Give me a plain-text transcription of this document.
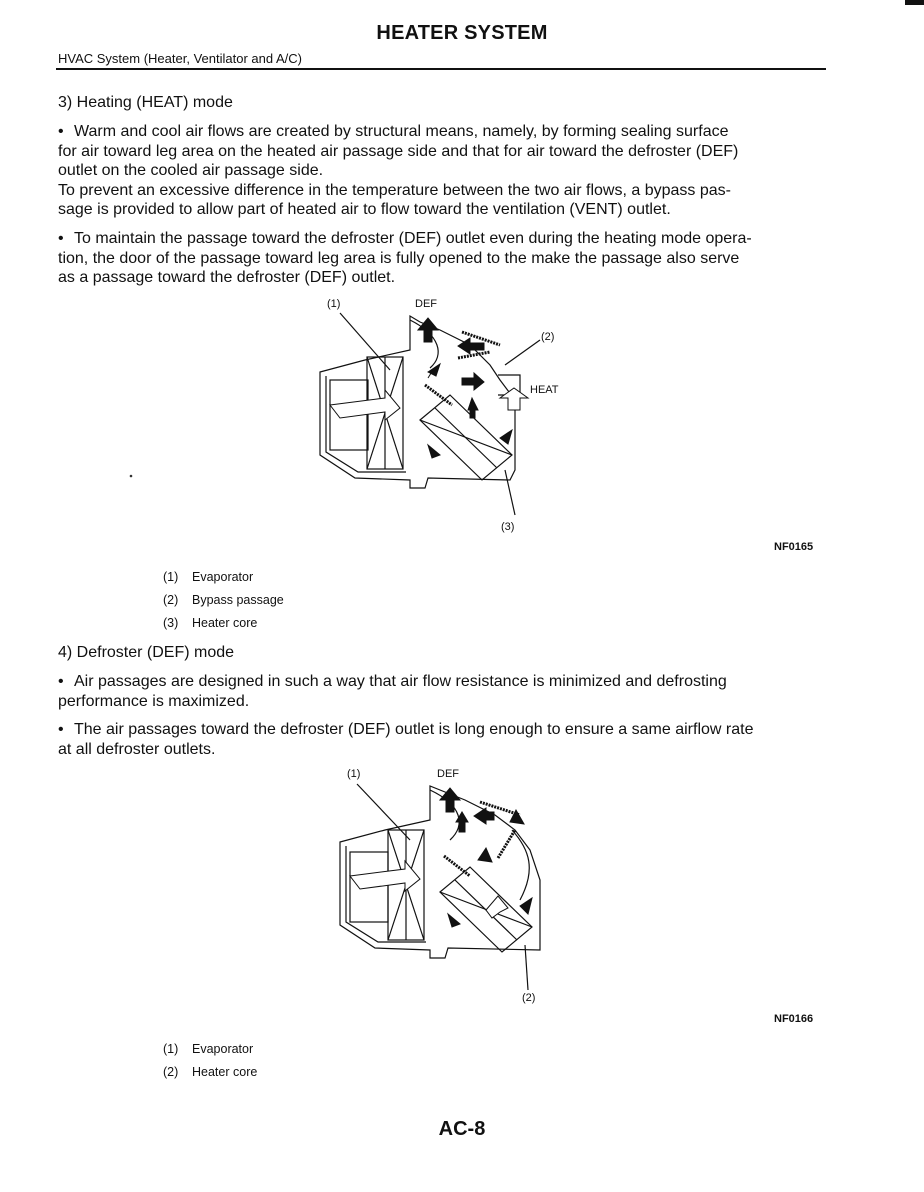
HEATER SYSTEM
HVAC System (Heater, Ventilator and A/C)
3) Heating (HEAT) mode

• Warm and cool air flows are created by structural means, namely, by forming sealing surface

for air toward leg area on the heated air passage side and that for air toward the defroster (DEF)

outlet on the cooled air passage side.

To prevent an excessive difference in the temperature between the two air flows, a bypass pas-

sage is provided to allow part of heated air to flow toward the ventilation (VENT) outlet.

• To maintain the passage toward the defroster (DEF) outlet even during the heating mode opera-

tion, the door of the passage toward leg area is fully opened to the make the passage also serve

as a passage toward the defroster (DEF) outlet.

(1)	DEF
(2)
HEAT
(3)
NF0165
(1) Evaporator
(2) Bypass passage
(3) Heater core
4) Defroster (DEF) mode

• Air passages are designed in such a way that air flow resistance is minimized and defrosting

performance is maximized.

• The air passages toward the defroster (DEF) outlet is long enough to ensure a same airflow rate

at all defroster outlets.

(1)	DEF
(2)
NF0166
(1) Evaporator
(2) Heater core
AC-8
